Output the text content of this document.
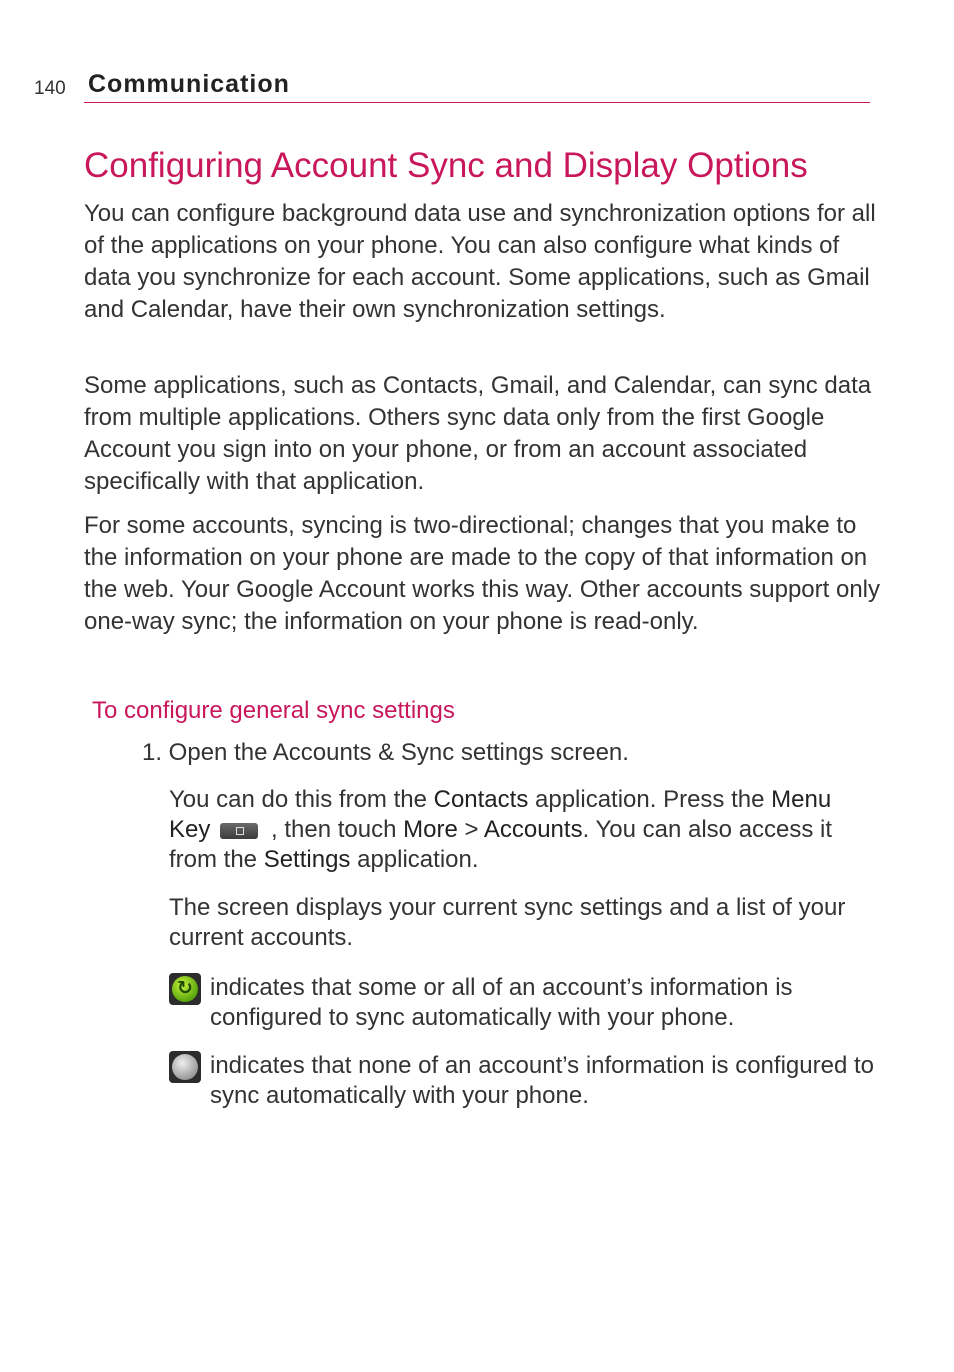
140 Communication
Configuring Account Sync and Display Options

You can configure background data use and synchronization options for all of the applications on your phone. You can also configure what kinds of data you synchronize for each account. Some applications, such as Gmail and Calendar, have their own synchronization settings.

Some applications, such as Contacts, Gmail, and Calendar, can sync data from multiple applications. Others sync data only from the first Google Account you sign into on your phone, or from an account associated specifically with that application.

For some accounts, syncing is two-directional; changes that you make to the information on your phone are made to the copy of that information on the web. Your Google Account works this way. Other accounts support only one-way sync; the information on your phone is read-only.

To configure general sync settings
1. Open the Accounts & Sync settings screen.

You can do this from the Contacts application. Press the Menu Key , then touch More > Accounts. You can also access it from the Settings application.

The screen displays your current sync settings and a list of your current accounts.

↻
indicates that some or all of an account’s information is configured to sync automatically with your phone.
indicates that none of an account’s information is configured to sync automatically with your phone.
